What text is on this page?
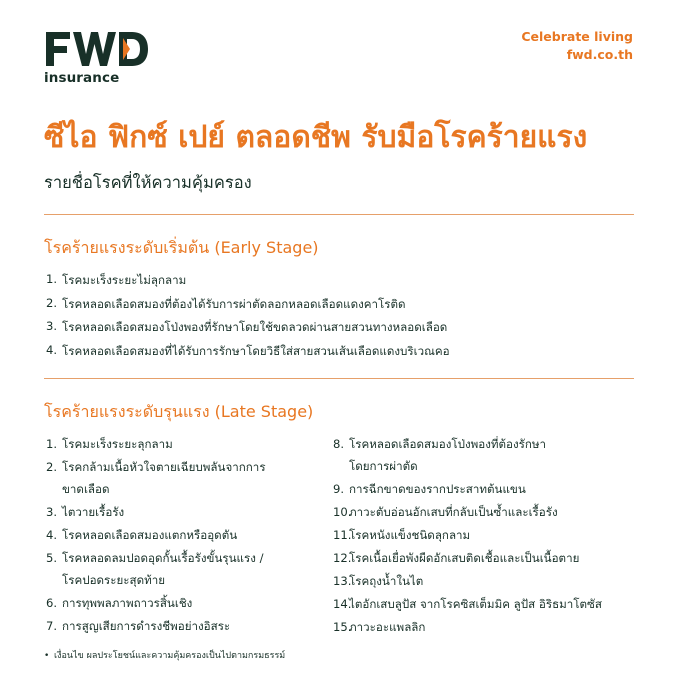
insurance
Celebrate living
fwd.co.th
ซีไอ ฟิกซ์ เปย์ ตลอดชีพ รับมือโรคร้ายแรง
รายชื่อโรคที่ให้ความคุ้มครอง
โรคร้ายแรงระดับเริ่มต้น (Early Stage)
1. โรคมะเร็งระยะไม่ลุกลาม
2. โรคหลอดเลือดสมองที่ต้องได้รับการผ่าตัดลอกหลอดเลือดแดงคาโรติด
3. โรคหลอดเลือดสมองโป่งพองที่รักษาโดยใช้ขดลวดผ่านสายสวนทางหลอดเลือด
4. โรคหลอดเลือดสมองที่ได้รับการรักษาโดยวิธีใส่สายสวนเส้นเลือดแดงบริเวณคอ
โรคร้ายแรงระดับรุนแรง (Late Stage)
1. โรคมะเร็งระยะลุกลาม
2. โรคกล้ามเนื้อหัวใจตายเฉียบพลันจากการ
ขาดเลือด
3. ไตวายเรื้อรัง
4. โรคหลอดเลือดสมองแตกหรืออุดตัน
5. โรคหลอดลมปอดอุดกั้นเรื้อรังขั้นรุนแรง /
โรคปอดระยะสุดท้าย
6. การทุพพลภาพถาวรสิ้นเชิง
7. การสูญเสียการดำรงชีพอย่างอิสระ
8. โรคหลอดเลือดสมองโป่งพองที่ต้องรักษา
โดยการผ่าตัด
9. การฉีกขาดของรากประสาทต้นแขน
10.
ภาวะตับอ่อนอักเสบที่กลับเป็นซ้ำและเรื้อรัง
11.
โรคหนังแข็งชนิดลุกลาม
12.
โรคเนื้อเยื่อพังผืดอักเสบติดเชื้อและเป็นเนื้อตาย
13.
โรคถุงน้ำในไต
14.
ไตอักเสบลูปัส จากโรคซิสเต็มมิค ลูปัส อิริธมาโตซัส
15.
ภาวะอะแพลลิก
• เงื่อนไข ผลประโยชน์และความคุ้มครองเป็นไปตามกรมธรรม์
